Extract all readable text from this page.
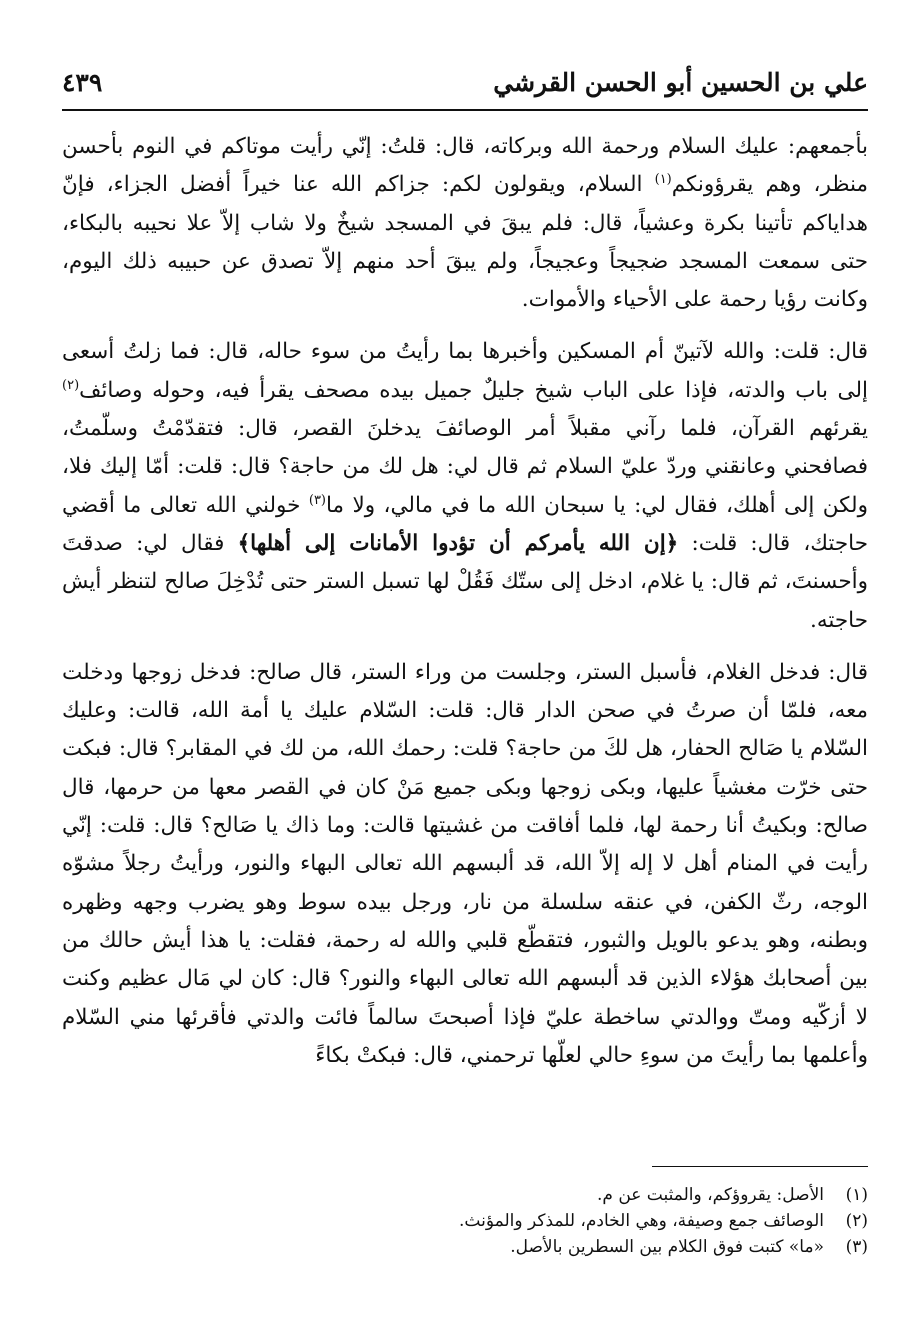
علي بن الحسين أبو الحسن القرشي
٤٣٩

بأجمعهم: عليك السلام ورحمة الله وبركاته، قال: قلتُ: إنّي رأيت موتاكم في النوم بأحسن منظر، وهم يقرؤونكم$^{(١)}$ السلام، ويقولون لكم: جزاكم الله عنا خيراً أفضل الجزاء، فإنّ هداياكم تأتينا بكرة وعشياً، قال: فلم يبقَ في المسجد شيخٌ ولا شاب إلاّ علا نحيبه بالبكاء، حتى سمعت المسجد ضجيجاً وعجيجاً، ولم يبقَ أحد منهم إلاّ تصدق عن حبيبه ذلك اليوم، وكانت رؤيا رحمة على الأحياء والأموات.

قال: قلت: والله لآتينّ أم المسكين وأخبرها بما رأيتُ من سوء حاله، قال: فما زلتُ أسعى إلى باب والدته، فإذا على الباب شيخ جليلٌ جميل بيده مصحف يقرأ فيه، وحوله وصائف$^{(٢)}$ يقرئهم القرآن، فلما رآني مقبلاً أمر الوصائفَ يدخلنَ القصر، قال: فتقدّمْتُ وسلّمتُ، فصافحني وعانقني وردّ عليّ السلام ثم قال لي: هل لك من حاجة؟ قال: قلت: أمّا إليك فلا، ولكن إلى أهلك، فقال لي: يا سبحان الله ما في مالي، ولا ما$^{(٣)}$ خولني الله تعالى ما أقضي حاجتك، قال: قلت: ﴿إن الله يأمركم أن تؤدوا الأمانات إلى أهلها﴾ فقال لي: صدقتَ وأحسنتَ، ثم قال: يا غلام، ادخل إلى ستّك فَقُلْ لها تسبل الستر حتى تُدْخِلَ صالح لتنظر أيش حاجته.

قال: فدخل الغلام، فأسبل الستر، وجلست من وراء الستر، قال صالح: فدخل زوجها ودخلت معه، فلمّا أن صرتُ في صحن الدار قال: قلت: السّلام عليك يا أمة الله، قالت: وعليك السّلام يا صَالح الحفار، هل لكَ من حاجة؟ قلت: رحمك الله، من لك في المقابر؟ قال: فبكت حتى خرّت مغشياً عليها، وبكى زوجها وبكى جميع مَنْ كان في القصر معها من حرمها، قال صالح: وبكيتُ أنا رحمة لها، فلما أفاقت من غشيتها قالت: وما ذاك يا صَالح؟ قال: قلت: إنّي رأيت في المنام أهل لا إله إلاّ الله، قد ألبسهم الله تعالى البهاء والنور، ورأيتُ رجلاً مشوّه الوجه، رثّ الكفن، في عنقه سلسلة من نار، ورجل بيده سوط وهو يضرب وجهه وظهره وبطنه، وهو يدعو بالويل والثبور، فتقطّع قلبي والله له رحمة، فقلت: يا هذا أيش حالك من بين أصحابك هؤلاء الذين قد ألبسهم الله تعالى البهاء والنور؟ قال: كان لي مَال عظيم وكنت لا أزكّيه ومتّ ووالدتي ساخطة عليّ فإذا أصبحتَ سالماً فائت والدتي فأقرئها مني السّلام وأعلمها بما رأيتَ من سوءِ حالي لعلّها ترحمني، قال: فبكتْ بكاءً

(١)
الأصل: يقروؤكم، والمثبت عن م.

(٢)
الوصائف جمع وصيفة، وهي الخادم، للمذكر والمؤنث.

(٣)
«ما» كتبت فوق الكلام بين السطرين بالأصل.
